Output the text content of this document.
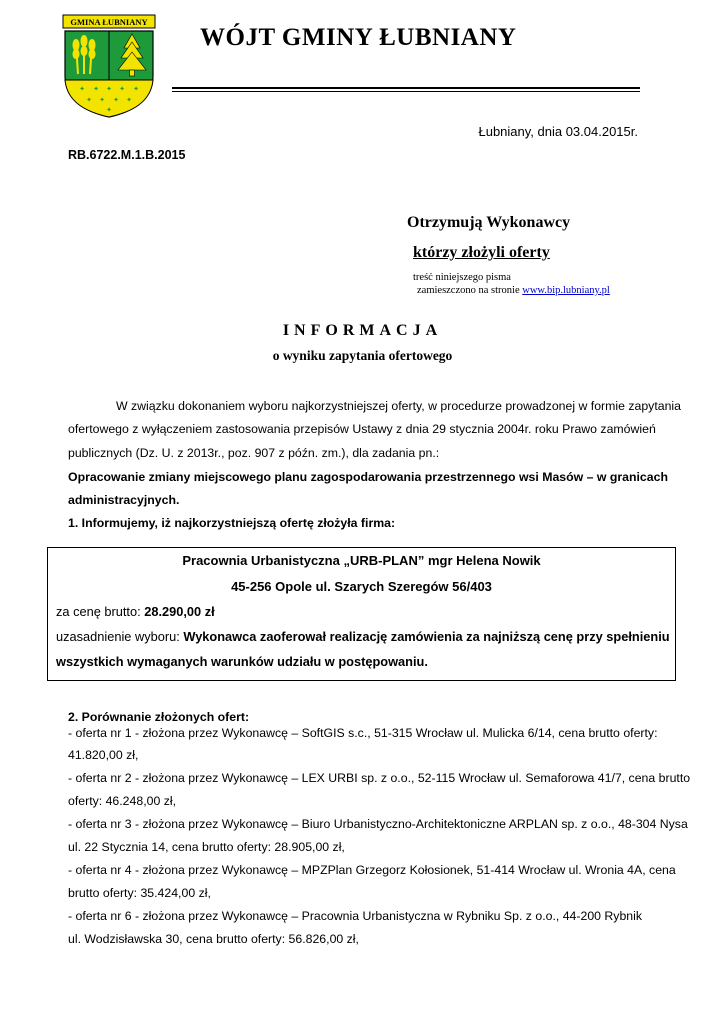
GMINA ŁUBNIANY
✦ ✦ ✦ ✦ ✦
✦ ✦ ✦ ✦
✦
WÓJT GMINY ŁUBNIANY
Łubniany, dnia 03.04.2015r.
RB.6722.M.1.B.2015
Otrzymują Wykonawcy
którzy złożyli oferty
treść niniejszego pisma
zamieszczono na stronie www.bip.lubniany.pl
INFORMACJA
o wyniku zapytania ofertowego
W związku dokonaniem wyboru najkorzystniejszej oferty, w procedurze prowadzonej w formie zapytania
ofertowego z wyłączeniem zastosowania przepisów Ustawy z dnia 29 stycznia 2004r. roku Prawo zamówień
publicznych (Dz. U. z 2013r., poz. 907 z późn. zm.), dla zadania pn.:
Opracowanie zmiany miejscowego planu zagospodarowania przestrzennego wsi Masów – w granicach
administracyjnych.
1. Informujemy, iż najkorzystniejszą ofertę złożyła firma:
Pracownia Urbanistyczna „URB-PLAN” mgr Helena Nowik
45-256 Opole ul. Szarych Szeregów 56/403
za cenę brutto: 28.290,00 zł
uzasadnienie wyboru: Wykonawca zaoferował realizację zamówienia za najniższą cenę przy spełnieniu
wszystkich wymaganych warunków udziału w postępowaniu.
2. Porównanie złożonych ofert:
- oferta nr 1 - złożona przez Wykonawcę – SoftGIS s.c., 51-315 Wrocław ul. Mulicka 6/14, cena brutto oferty:
41.820,00 zł,
- oferta nr 2 - złożona przez Wykonawcę – LEX URBI sp. z o.o., 52-115 Wrocław ul. Semaforowa 41/7, cena brutto
oferty: 46.248,00 zł,
- oferta nr 3 - złożona przez Wykonawcę – Biuro Urbanistyczno-Architektoniczne ARPLAN sp. z o.o., 48-304 Nysa
ul. 22 Stycznia 14, cena brutto oferty: 28.905,00 zł,
- oferta nr 4 - złożona przez Wykonawcę – MPZPlan Grzegorz Kołosionek, 51-414 Wrocław ul. Wronia 4A, cena
brutto oferty: 35.424,00 zł,
- oferta nr 6 - złożona przez Wykonawcę – Pracownia Urbanistyczna w Rybniku Sp. z o.o., 44-200 Rybnik
ul. Wodzisławska 30, cena brutto oferty: 56.826,00 zł,
